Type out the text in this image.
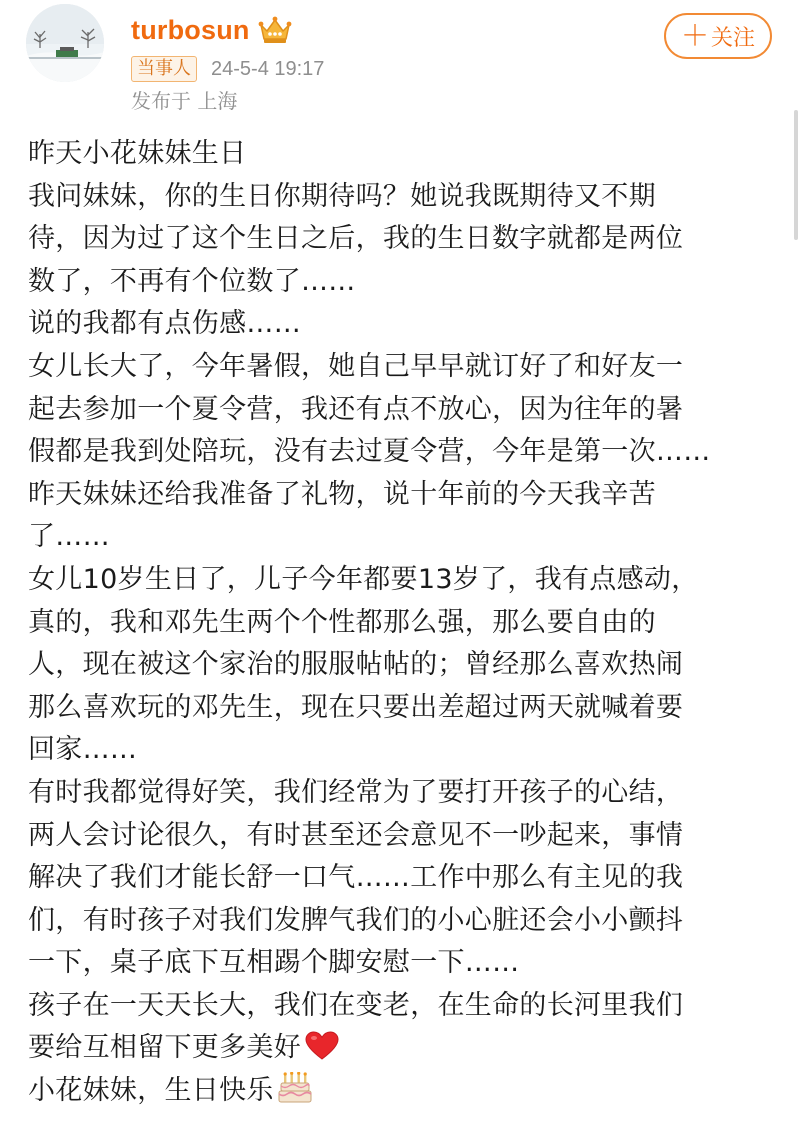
turbosun
当事人	24-5-4 19:17
发布于 上海
＋ 关注
昨天小花妹妹生日
我问妹妹，你的生日你期待吗？她说我既期待又不期
待，因为过了这个生日之后，我的生日数字就都是两位
数了，不再有个位数了……
说的我都有点伤感……
女儿长大了，今年暑假，她自己早早就订好了和好友一
起去参加一个夏令营，我还有点不放心，因为往年的暑
假都是我到处陪玩，没有去过夏令营，今年是第一次……
昨天妹妹还给我准备了礼物，说十年前的今天我辛苦
了……
女儿10岁生日了，儿子今年都要13岁了，我有点感动，
真的，我和邓先生两个个性都那么强，那么要自由的
人，现在被这个家治的服服帖帖的；曾经那么喜欢热闹
那么喜欢玩的邓先生，现在只要出差超过两天就喊着要
回家……
有时我都觉得好笑，我们经常为了要打开孩子的心结，
两人会讨论很久，有时甚至还会意见不一吵起来，事情
解决了我们才能长舒一口气……工作中那么有主见的我
们，有时孩子对我们发脾气我们的小心脏还会小小颤抖
一下，桌子底下互相踢个脚安慰一下……
孩子在一天天长大，我们在变老，在生命的长河里我们
要给互相留下更多美好
小花妹妹，生日快乐
